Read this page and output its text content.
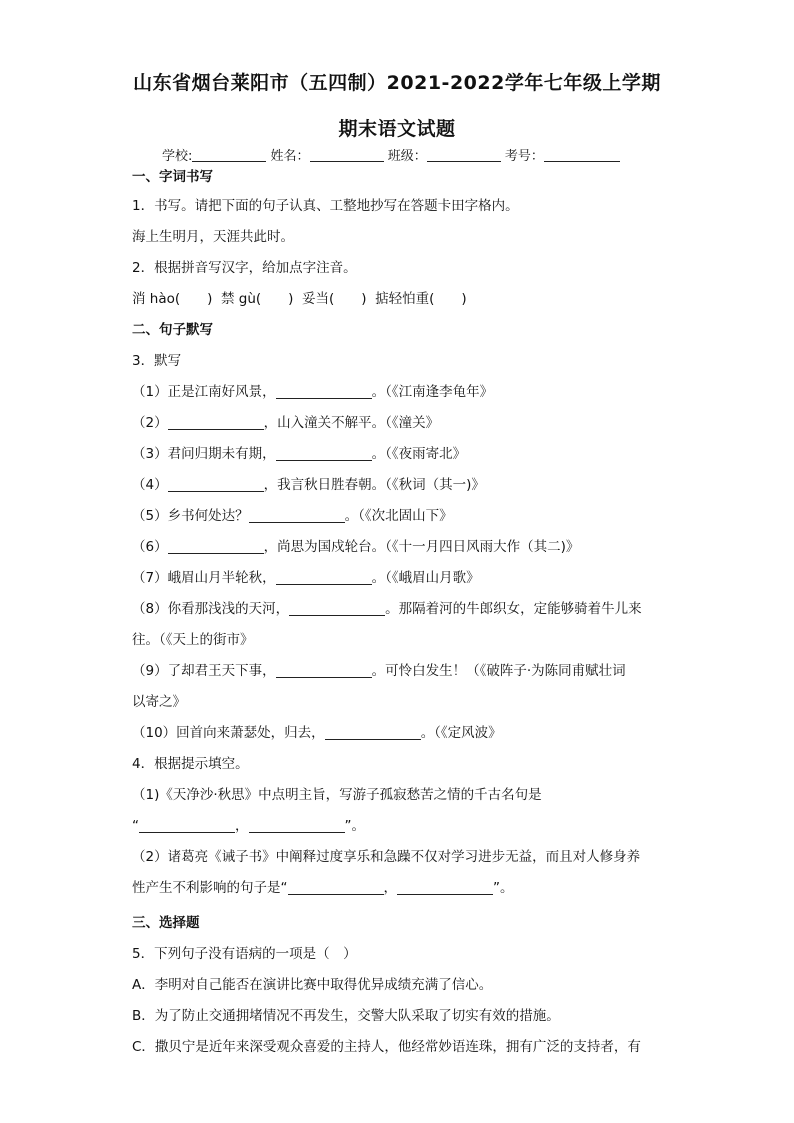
山东省烟台莱阳市（五四制）2021-2022学年七年级上学期
期末语文试题
学校:	姓名：	班级：	考号：
一、字词书写
1．书写。请把下面的句子认真、工整地抄写在答题卡田字格内。
海上生明月，天涯共此时。
2．根据拼音写汉字，给加点字注音。
消 hào(　　)  禁 gù(　　)  妥当(　　)  掂轻怕重(　　)
二、句子默写
3．默写
（1）正是江南好风景，	。（《江南逢李龟年》
（2）	，山入潼关不解平。（《潼关》
（3）君问归期未有期，	。（《夜雨寄北》
（4）	，我言秋日胜春朝。（《秋词（其一)》
（5）乡书何处达？	。（《次北固山下》
（6）	，尚思为国戍轮台。（《十一月四日风雨大作（其二)》
（7）峨眉山月半轮秋，	。（《峨眉山月歌》
（8）你看那浅浅的天河，	。那隔着河的牛郎织女，定能够骑着牛儿来
往。（《天上的街市》
（9）了却君王天下事，	。可怜白发生！（《破阵子·为陈同甫赋壮词
以寄之》
（10）回首向来萧瑟处，归去，	。（《定风波》
4．根据提示填空。
（1)《天净沙·秋思》中点明主旨，写游子孤寂愁苦之情的千古名句是
“	，	”。
（2）诸葛亮《诫子书》中阐释过度享乐和急躁不仅对学习进步无益，而且对人修身养
性产生不利影响的句子是“	，	”。
三、选择题
5．下列句子没有语病的一项是（　）
A．李明对自己能否在演讲比赛中取得优异成绩充满了信心。
B．为了防止交通拥堵情况不再发生，交警大队采取了切实有效的措施。
C．撒贝宁是近年来深受观众喜爱的主持人，他经常妙语连珠，拥有广泛的支持者，有
